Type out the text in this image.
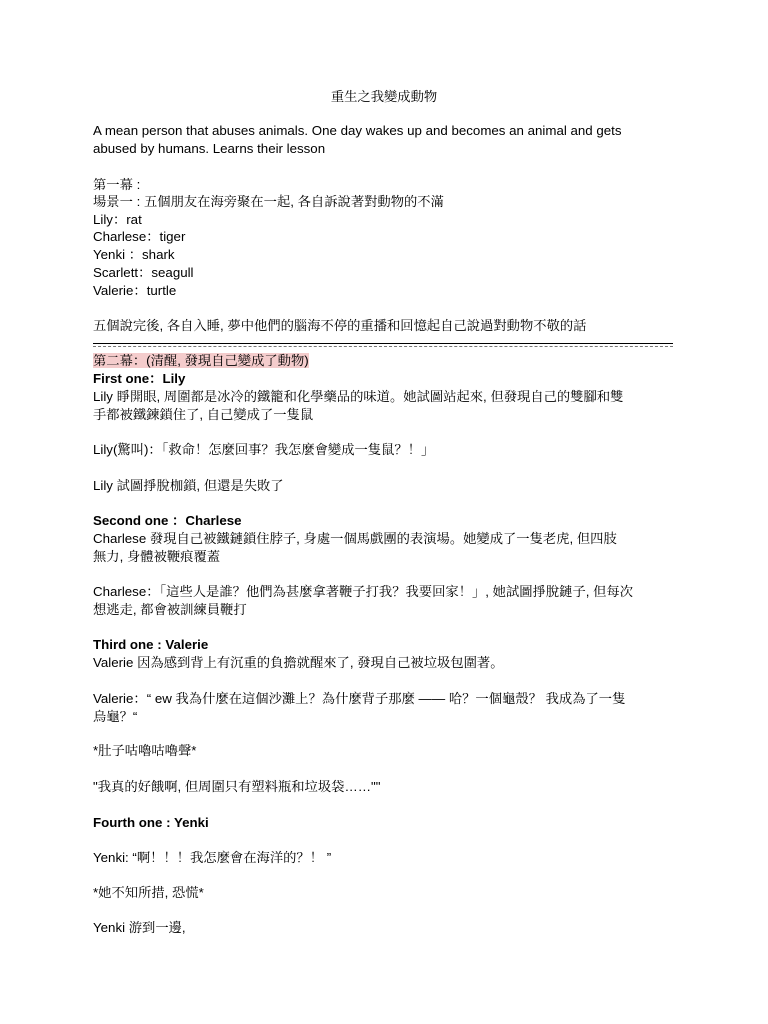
重生之我變成動物
A mean person that abuses animals. One day wakes up and becomes an animal and gets
abused by humans. Learns their lesson
第一幕 :
場景一 : 五個朋友在海旁聚在一起, 各自訴說著對動物的不滿
Lily：rat
Charlese：tiger
Yenki ：shark
Scarlett：seagull
Valerie：turtle
五個說完後, 各自入睡, 夢中他們的腦海不停的重播和回憶起自己說過對動物不敬的話
第二幕：(清醒, 發現自己變成了動物)
First one：Lily
Lily 睜開眼, 周圍都是冰冷的鐵籠和化學藥品的味道。她試圖站起來, 但發現自己的雙腳和雙
手都被鐵鍊鎖住了, 自己變成了一隻鼠
Lily(驚叫)：「救命！怎麼回事？我怎麼會變成一隻鼠？！」
Lily 試圖掙脫枷鎖, 但還是失敗了
Second one ：Charlese
Charlese 發現自己被鐵鏈鎖住脖子, 身處一個馬戲團的表演場。她變成了一隻老虎, 但四肢
無力, 身體被鞭痕覆蓋
Charlese：「這些人是誰？他們為甚麼拿著鞭子打我？我要回家！」, 她試圖掙脫鏈子, 但每次
想逃走, 都會被訓練員鞭打
Third one : Valerie
Valerie 因為感到背上有沉重的負擔就醒來了, 發現自己被垃圾包圍著。
Valerie：“ ew 我為什麼在這個沙灘上？為什麼背子那麼 —— 哈？一個龜殼？ 我成為了一隻
烏龜？“
*肚子咕嚕咕嚕聲*
"我真的好餓啊, 但周圍只有塑料瓶和垃圾袋……""
Fourth one : Yenki
Yenki: “啊！！！我怎麼會在海洋的？！ ”
*她不知所措, 恐慌*
Yenki 游到一邊,
